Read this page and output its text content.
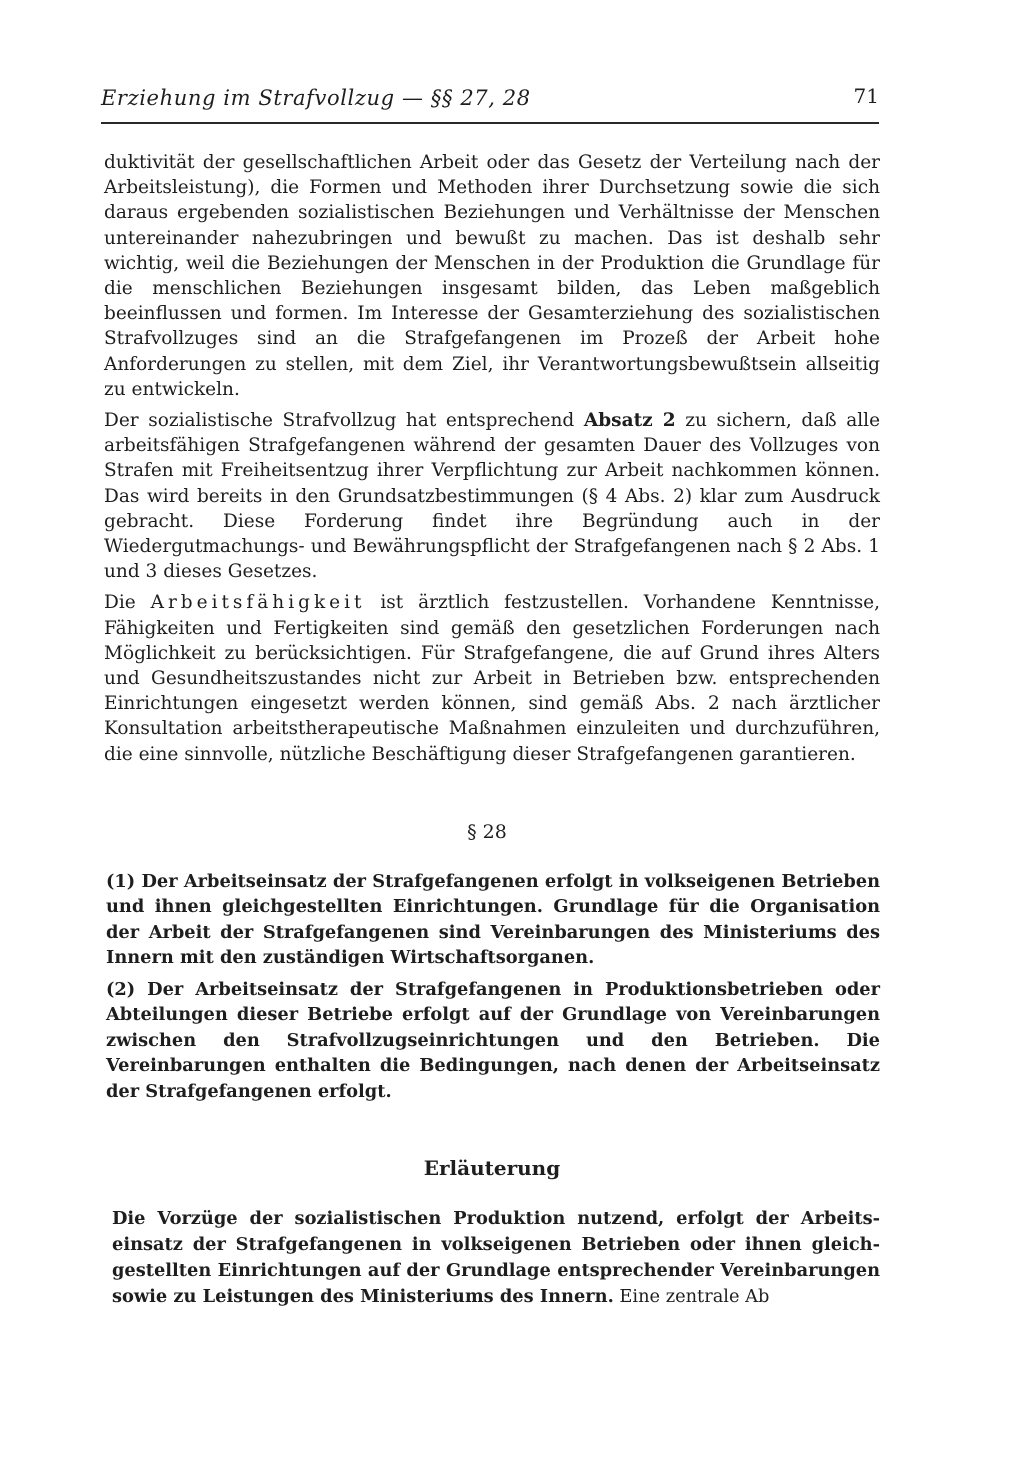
Erziehung im Strafvollzug — §§ 27, 28	71

duktivität der gesellschaftlichen Arbeit oder das Gesetz der Verteilung nach der Arbeitsleistung), die Formen und Methoden ihrer Durchsetzung sowie die sich daraus ergebenden sozialistischen Beziehungen und Verhältnisse der Menschen untereinander nahezubringen und bewußt zu machen. Das ist deshalb sehr wichtig, weil die Beziehungen der Menschen in der Produktion die Grundlage für die menschlichen Beziehungen insgesamt bilden, das Leben maßgeblich beeinflussen und formen. Im Interesse der Gesamterziehung des sozialistischen Strafvollzuges sind an die Strafgefangenen im Prozeß der Arbeit hohe Anforderungen zu stellen, mit dem Ziel, ihr Verantwortungsbewußtsein allseitig zu entwickeln.

Der sozialistische Strafvollzug hat entsprechend Absatz 2 zu sichern, daß alle arbeitsfähigen Strafgefangenen während der gesamten Dauer des Vollzuges von Strafen mit Freiheitsentzug ihrer Verpflichtung zur Arbeit nachkommen können. Das wird bereits in den Grundsatzbestimmungen (§ 4 Abs. 2) klar zum Ausdruck gebracht. Diese Forderung findet ihre Begründung auch in der Wiedergutmachungs- und Bewährungspflicht der Strafgefangenen nach § 2 Abs. 1 und 3 dieses Gesetzes.

Die Arbeitsfähigkeit ist ärztlich festzustellen. Vorhandene Kenntnisse, Fähigkeiten und Fertigkeiten sind gemäß den gesetzlichen Forderungen nach Möglichkeit zu berücksichtigen. Für Strafgefangene, die auf Grund ihres Alters und Gesundheitszustandes nicht zur Arbeit in Betrieben bzw. entsprechenden Einrichtungen eingesetzt werden können, sind gemäß Abs. 2 nach ärztlicher Konsultation arbeitstherapeutische Maßnahmen einzuleiten und durchzuführen, die eine sinnvolle, nützliche Beschäftigung dieser Strafgefangenen garantieren.

§ 28

(1) Der Arbeitseinsatz der Strafgefangenen erfolgt in volkseigenen Betrieben und ihnen gleichgestellten Einrichtungen. Grundlage für die Organisation der Arbeit der Strafgefangenen sind Vereinbarungen des Ministeriums des Innern mit den zuständigen Wirtschaftsorganen.

(2) Der Arbeitseinsatz der Strafgefangenen in Produktionsbetrieben oder Abteilungen dieser Betriebe erfolgt auf der Grundlage von Vereinbarungen zwischen den Strafvollzugseinrichtungen und den Betrieben. Die Vereinbarungen enthalten die Bedingungen, nach denen der Arbeitseinsatz der Strafgefangenen erfolgt.

Erläuterung

Die Vorzüge der sozialistischen Produktion nutzend, erfolgt der Arbeitseinsatz der Strafgefangenen in volkseigenen Betrieben oder ihnen gleichgestellten Einrichtungen auf der Grundlage entsprechender Vereinbarungen sowie zu Leistungen des Ministeriums des Innern. Eine zentrale Ab
